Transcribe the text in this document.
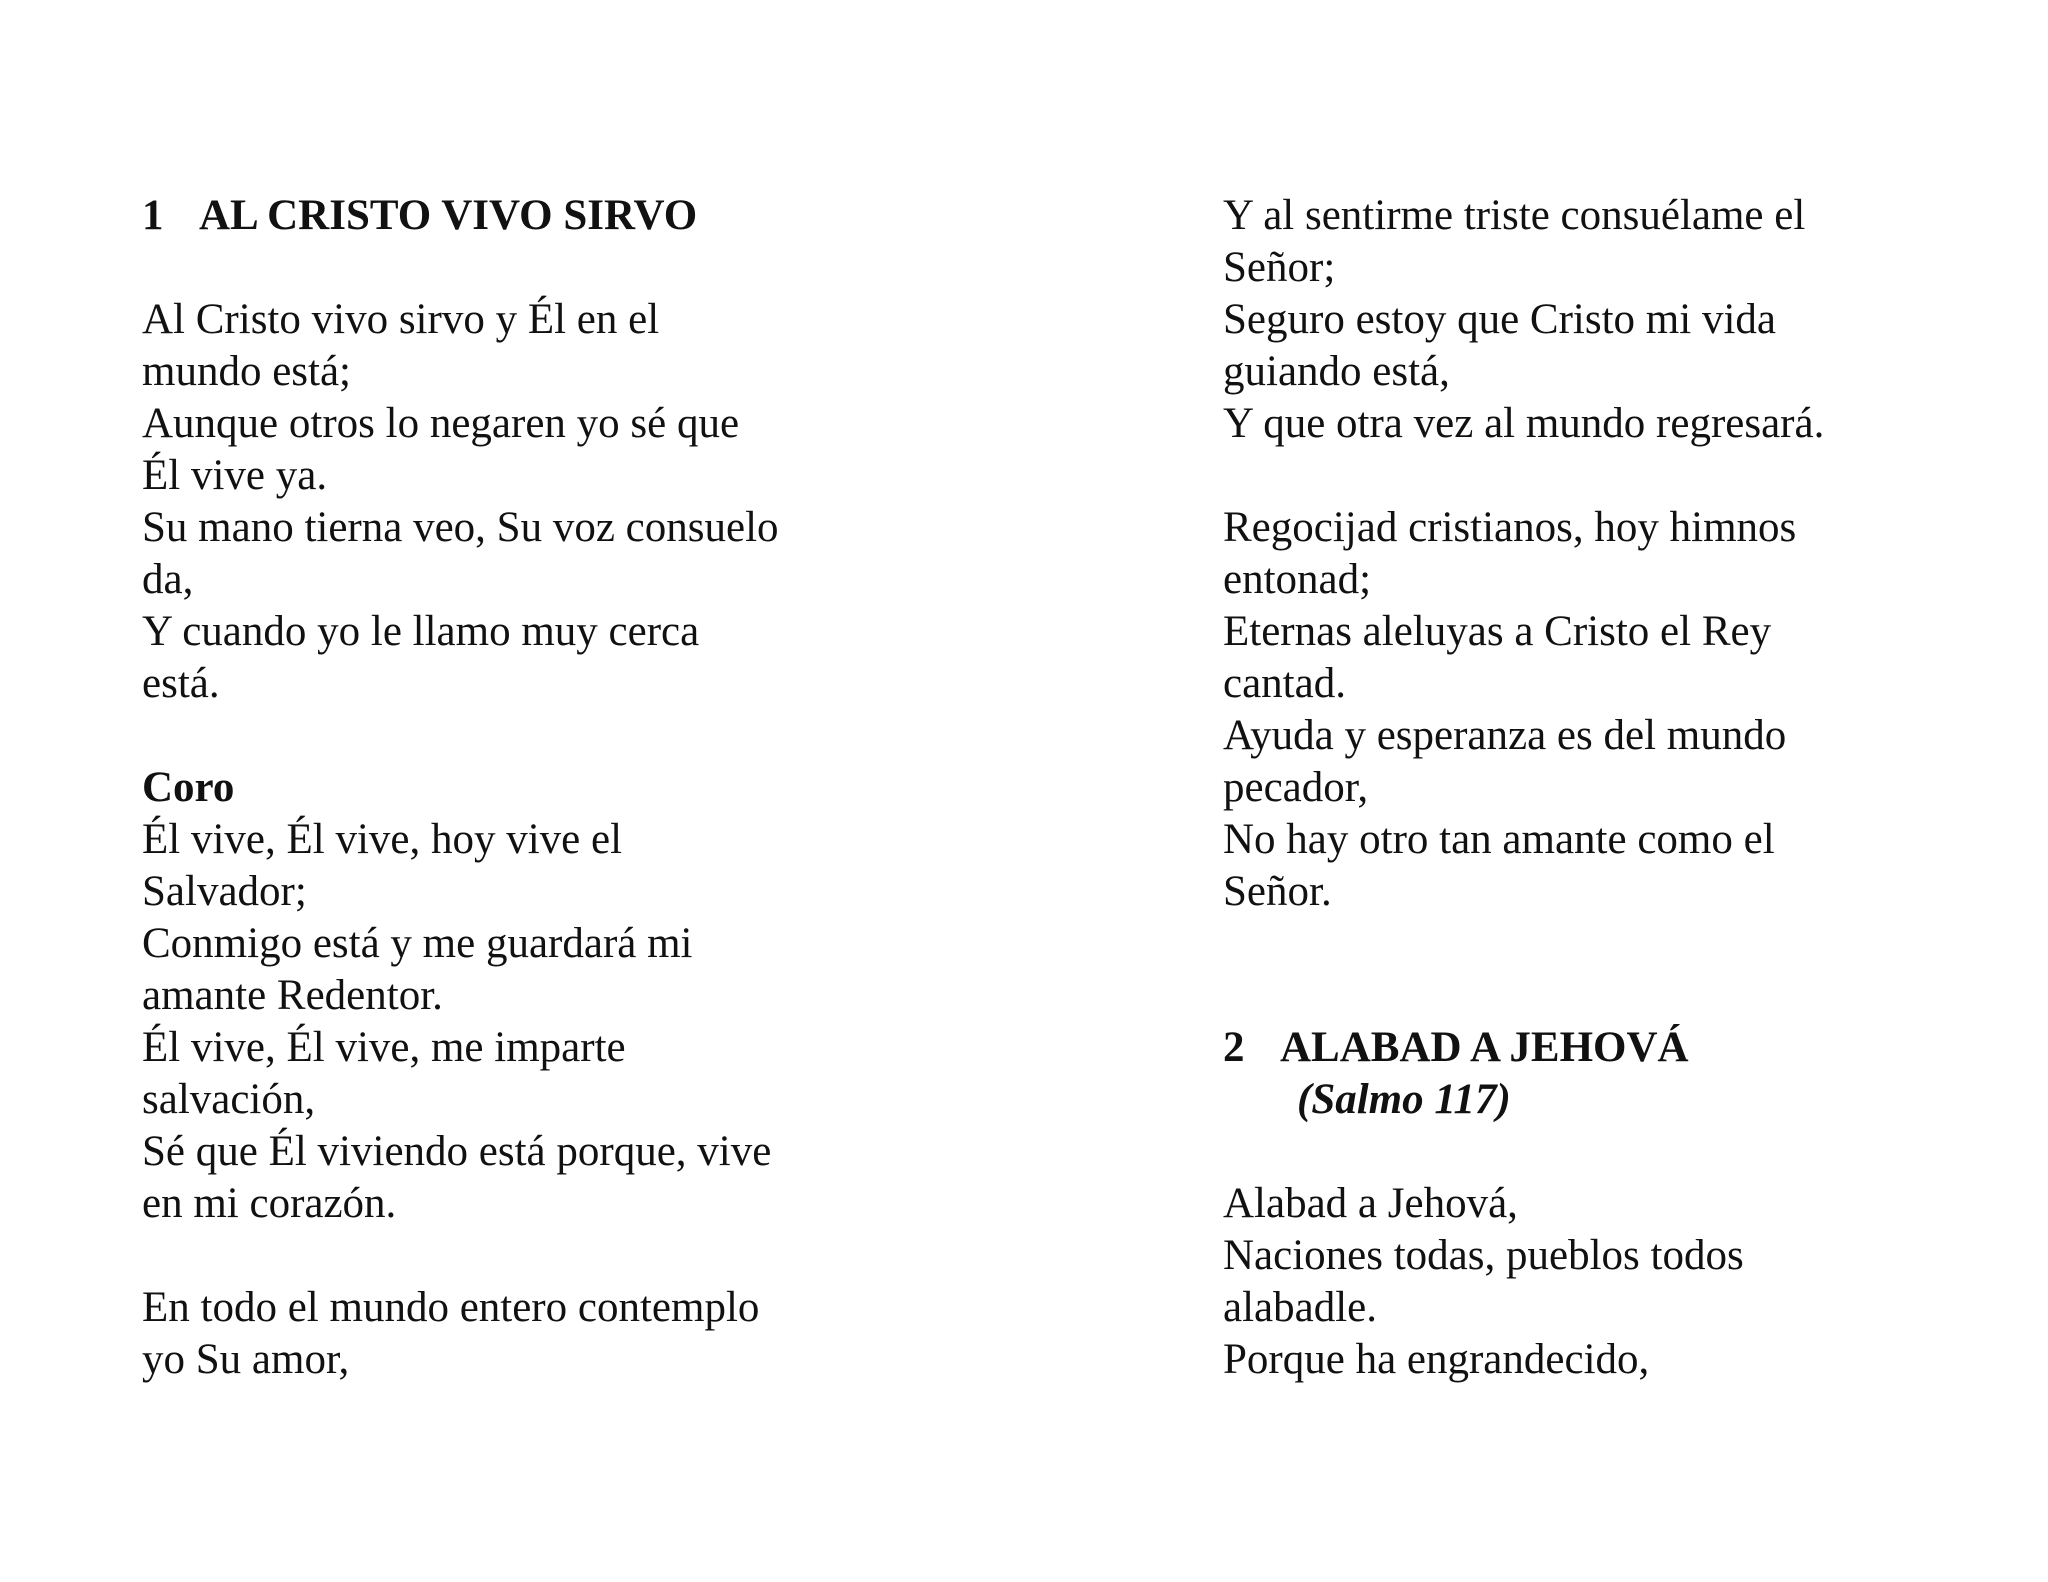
1 AL CRISTO VIVO SIRVO
Al Cristo vivo sirvo y Él en el
mundo está;
Aunque otros lo negaren yo sé que
Él vive ya.
Su mano tierna veo, Su voz consuelo
da,
Y cuando yo le llamo muy cerca
está.
Coro
Él vive, Él vive, hoy vive el
Salvador;
Conmigo está y me guardará mi
amante Redentor.
Él vive, Él vive, me imparte
salvación,
Sé que Él viviendo está porque, vive
en mi corazón.
En todo el mundo entero contemplo
yo Su amor,
Y al sentirme triste consuélame el
Señor;
Seguro estoy que Cristo mi vida
guiando está,
Y que otra vez al mundo regresará.
Regocijad cristianos, hoy himnos
entonad;
Eternas aleluyas a Cristo el Rey
cantad.
Ayuda y esperanza es del mundo
pecador,
No hay otro tan amante como el
Señor.
2 ALABAD A JEHOVÁ
(Salmo 117)
Alabad a Jehová,
Naciones todas, pueblos todos
alabadle.
Porque ha engrandecido,
